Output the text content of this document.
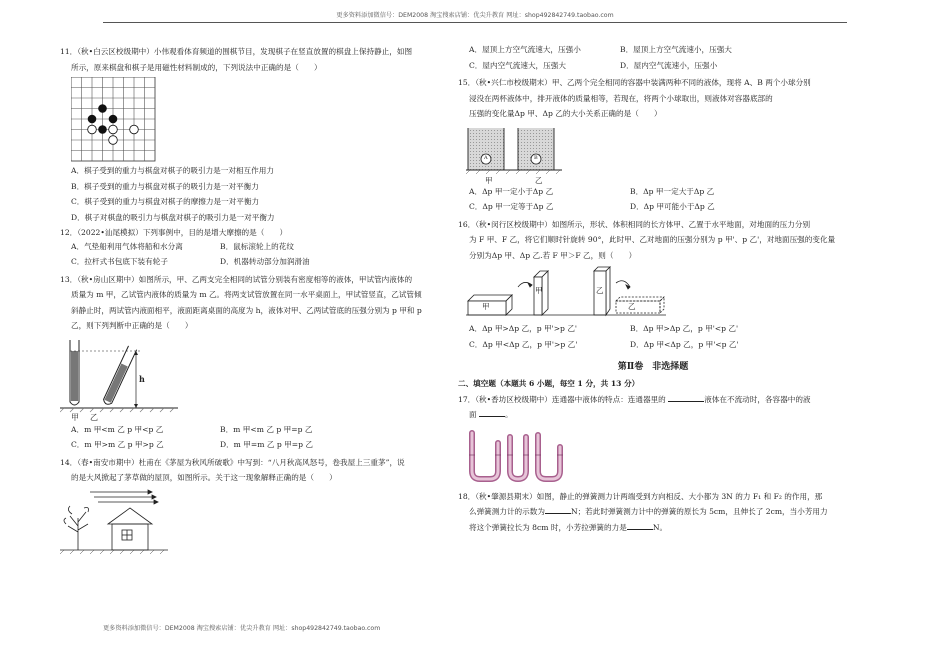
更多资料添加微信号：DEM2008 淘宝搜索店铺：优尖升教育 网址：shop492842749.taobao.com

11．（秋•白云区校级期中）小伟观看体育频道的围棋节目，发现棋子在竖直放置的棋盘上保持静止，如图

所示，原来棋盘和棋子是用磁性材料制成的，下列说法中正确的是（　　）

A．棋子受到的重力与棋盘对棋子的吸引力是一对相互作用力

B．棋子受到的重力与棋盘对棋子的吸引力是一对平衡力

C．棋子受到的重力与棋盘对棋子的摩擦力是一对平衡力

D．棋子对棋盘的吸引力与棋盘对棋子的吸引力是一对平衡力

12．（2022•汕尾模拟）下列事例中，目的是增大摩擦的是（　　）

A．气垫船利用气体将船和水分离	B．鼠标滚轮上的花纹
C．拉杆式书包底下装有轮子	D．机器转动部分加润滑油

13．（秋•房山区期中）如图所示，甲、乙两支完全相同的试管分别装有密度相等的液体，甲试管内液体的

质量为 m 甲，乙试管内液体的质量为 m 乙。将两支试管放置在同一水平桌面上，甲试管竖直，乙试管倾

斜静止时，两试管内液面相平，液面距离桌面的高度为 h，液体对甲、乙两试管底的压强分别为 p 甲和 p

乙，则下列判断中正确的是（　　）

h
甲 乙
A．m 甲<m 乙 p 甲<p 乙	B．m 甲<m 乙 p 甲=p 乙
C．m 甲>m 乙 p 甲>p 乙	D．m 甲=m 乙 p 甲=p 乙

14．（春•南安市期中）杜甫在《茅屋为秋风所破歌》中写到：“八月秋高风怒号，卷我屋上三重茅”，说

的是大风掀起了茅草做的屋顶，如图所示。关于这一现象解释正确的是（　　）

A．屋顶上方空气流速大，压强小	B．屋顶上方空气流速小，压强大
C．屋内空气流速大，压强大	D．屋内空气流速小，压强小

15．（秋•兴仁市校级期末）甲、乙两个完全相同的容器中装满两种不同的液体，现将 A、B 两个小球分别

浸没在两杯液体中，排开液体的质量相等，若现在，将两个小球取出，则液体对容器底部的

压强的变化量Δp 甲、Δp 乙的大小关系正确的是（　　）

A	B
甲	乙
A．Δp 甲一定小于Δp 乙	B．Δp 甲一定大于Δp 乙
C．Δp 甲一定等于Δp 乙	D．Δp 甲可能小于Δp 乙

16．（秋•闵行区校级期中）如图所示，形状、体积相同的长方体甲、乙置于水平地面，对地面的压力分别

为 F 甲、F 乙，将它们顺时针旋转 90°，此时甲、乙对地面的压强分别为 p 甲'、p 乙'，对地面压强的变化量

分别为Δp 甲、Δp 乙.若 F 甲＞F 乙，则（　　）

甲
甲	乙
乙
A．Δp 甲>Δp 乙，p 甲'>p 乙'	B．Δp 甲>Δp 乙，p 甲'<p 乙'
C．Δp 甲<Δp 乙，p 甲'>p 乙'	D．Δp 甲<Δp 乙，p 甲'<p 乙'
第Ⅱ卷　非选择题

二、填空题（本题共 6 小题，每空 1 分，共 13 分）

17．（秋•香坊区校级期中）连通器中液体的特点：连通器里的	液体在不流动时，各容器中的液

面	。

18．（秋•肇源县期末）如图，静止的弹簧测力计两端受到方向相反、大小都为 3N 的力 F₁ 和 F₂ 的作用，那

么弹簧测力计的示数为	N；若此时弹簧测力计中的弹簧的原长为 5cm，且伸长了 2cm，当小芳用力

将这个弹簧拉长为 8cm 时，小芳拉弹簧的力是	N。

更多资料添加微信号：DEM2008 淘宝搜索店铺：优尖升教育 网址：shop492842749.taobao.com
